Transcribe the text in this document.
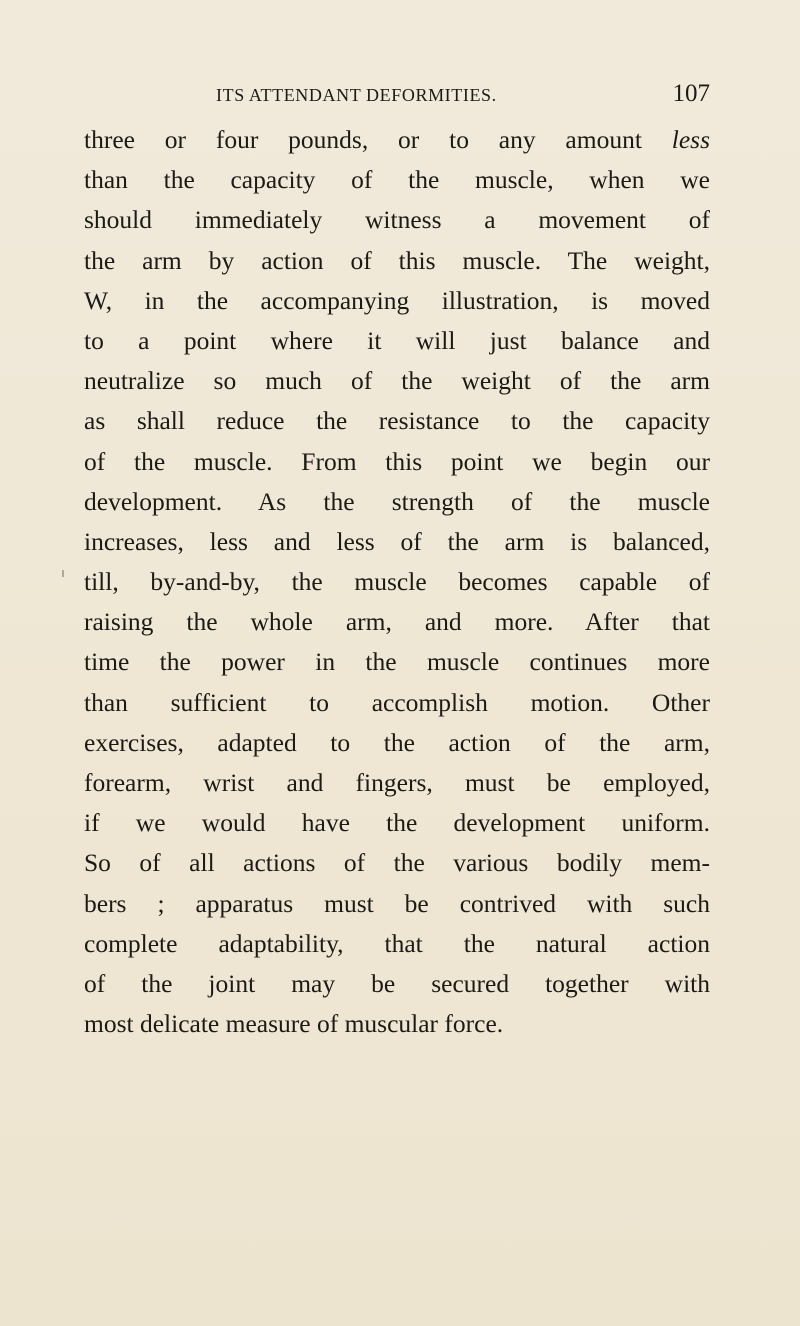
ITS ATTENDANT DEFORMITIES.	107
three or four pounds, or to any amount less
than the capacity of the muscle, when we
should immediately witness a movement of
the arm by action of this muscle. The weight,
W, in the accompanying illustration, is moved
to a point where it will just balance and
neutralize so much of the weight of the arm
as shall reduce the resistance to the capacity
of the muscle. From this point we begin our
development. As the strength of the muscle
increases, less and less of the arm is balanced,
till, by-and-by, the muscle becomes capable of
raising the whole arm, and more. After that
time the power in the muscle continues more
than sufficient to accomplish motion. Other
exercises, adapted to the action of the arm,
forearm, wrist and fingers, must be employed,
if we would have the development uniform.
So of all actions of the various bodily mem-
bers ; apparatus must be contrived with such
complete adaptability, that the natural action
of the joint may be secured together with
most delicate measure of muscular force.
